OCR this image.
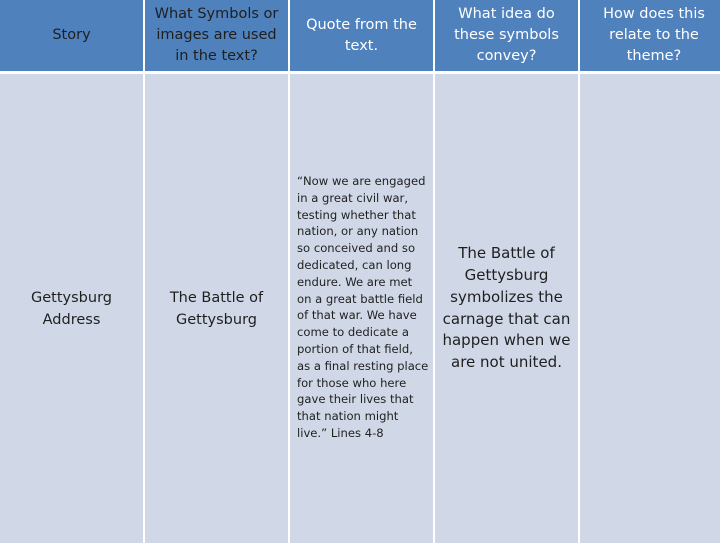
Story
What Symbols or images are used in the text?
Quote from the text.
What idea do these symbols convey?
How does this relate to the theme?
Gettysburg Address
The Battle of Gettysburg
“Now we are engaged in a great civil war, testing whether that nation, or any nation so conceived and so dedicated, can long endure. We are met on a great battle field of that war. We have come to dedicate a portion of that field, as a final resting place for those who here gave their lives that that nation might live.” Lines 4-8
The Battle of Gettysburg symbolizes the carnage that can happen when we are not united.
